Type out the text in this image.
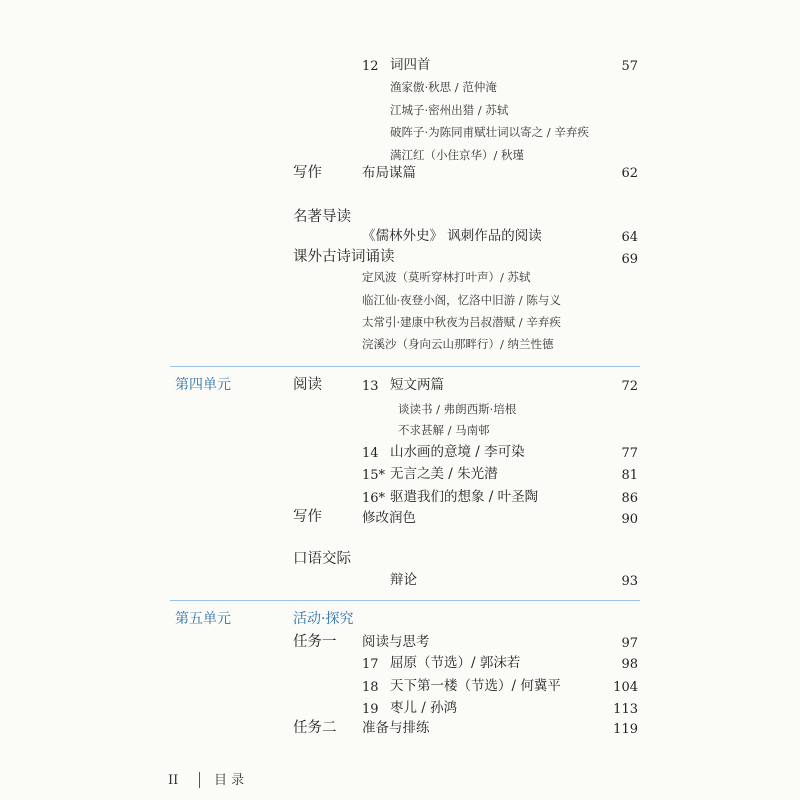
12 词四首	57
渔家傲·秋思 / 范仲淹
江城子·密州出猎 / 苏轼
破阵子·为陈同甫赋壮词以寄之 / 辛弃疾
满江红（小住京华）/ 秋瑾
写作	布局谋篇	62
名著导读
《儒林外史》 讽刺作品的阅读	64
课外古诗词诵读	69
定风波（莫听穿林打叶声）/ 苏轼
临江仙·夜登小阁，忆洛中旧游 / 陈与义
太常引·建康中秋夜为吕叔潜赋 / 辛弃疾
浣溪沙（身向云山那畔行）/ 纳兰性德
第四单元	阅读	13 短文两篇	72
谈读书 / 弗朗西斯·培根
不求甚解 / 马南邨
14 山水画的意境 / 李可染	77
15* 无言之美 / 朱光潜	81
16* 驱遣我们的想象 / 叶圣陶	86
写作	修改润色	90
口语交际
辩论	93
第五单元	活动·探究
任务一 阅读与思考	97
17 屈原（节选）/ 郭沫若	98
18 天下第一楼（节选）/ 何冀平	104
19 枣儿 / 孙鸿	113
任务二 准备与排练	119
II	目 录
